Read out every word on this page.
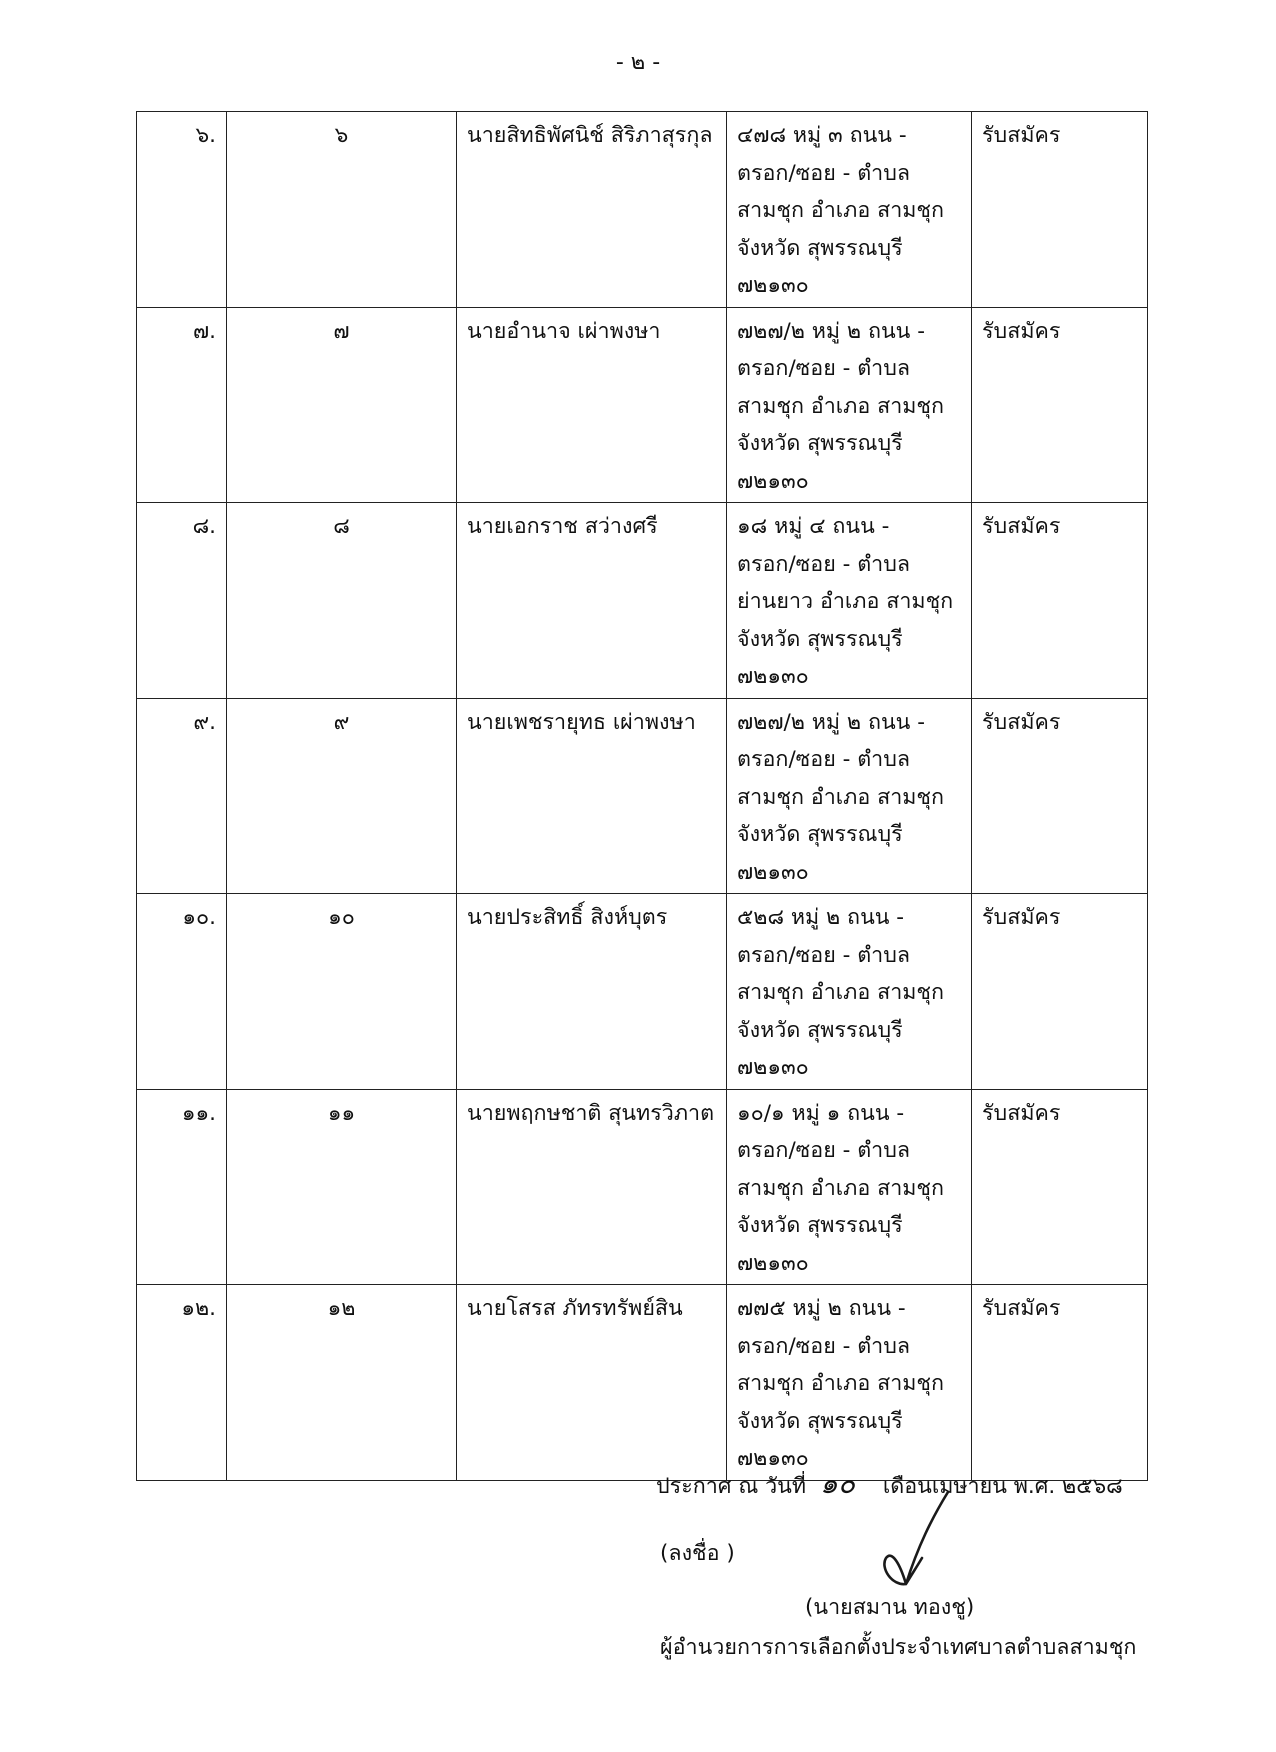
- ๒ -
๖.	๖	นายสิทธิพัศนิช์ สิริภาสุรกุล	๔๗๘ หมู่ ๓ ถนน -
ตรอก/ซอย - ตำบล
สามชุก อำเภอ สามชุก
จังหวัด สุพรรณบุรี
๗๒๑๓๐	รับสมัคร
๗.	๗	นายอำนาจ เผ่าพงษา	๗๒๗/๒ หมู่ ๒ ถนน -
ตรอก/ซอย - ตำบล
สามชุก อำเภอ สามชุก
จังหวัด สุพรรณบุรี
๗๒๑๓๐	รับสมัคร
๘.	๘	นายเอกราช สว่างศรี	๑๘ หมู่ ๔ ถนน -
ตรอก/ซอย - ตำบล
ย่านยาว อำเภอ สามชุก
จังหวัด สุพรรณบุรี
๗๒๑๓๐	รับสมัคร
๙.	๙	นายเพชรายุทธ เผ่าพงษา	๗๒๗/๒ หมู่ ๒ ถนน -
ตรอก/ซอย - ตำบล
สามชุก อำเภอ สามชุก
จังหวัด สุพรรณบุรี
๗๒๑๓๐	รับสมัคร
๑๐.	๑๐	นายประสิทธิ์ สิงห์บุตร	๕๒๘ หมู่ ๒ ถนน -
ตรอก/ซอย - ตำบล
สามชุก อำเภอ สามชุก
จังหวัด สุพรรณบุรี
๗๒๑๓๐	รับสมัคร
๑๑.	๑๑	นายพฤกษชาติ สุนทรวิภาต	๑๐/๑ หมู่ ๑ ถนน -
ตรอก/ซอย - ตำบล
สามชุก อำเภอ สามชุก
จังหวัด สุพรรณบุรี
๗๒๑๓๐	รับสมัคร
๑๒.	๑๒	นายโสรส ภัทรทรัพย์สิน	๗๗๕ หมู่ ๒ ถนน -
ตรอก/ซอย - ตำบล
สามชุก อำเภอ สามชุก
จังหวัด สุพรรณบุรี
๗๒๑๓๐	รับสมัคร
ประกาศ ณ วันที่ ๑๐ เดือนเมษายน พ.ศ. ๒๕๖๘
(ลงชื่อ )
(นายสมาน ทองชู)
ผู้อำนวยการการเลือกตั้งประจำเทศบาลตำบลสามชุก
